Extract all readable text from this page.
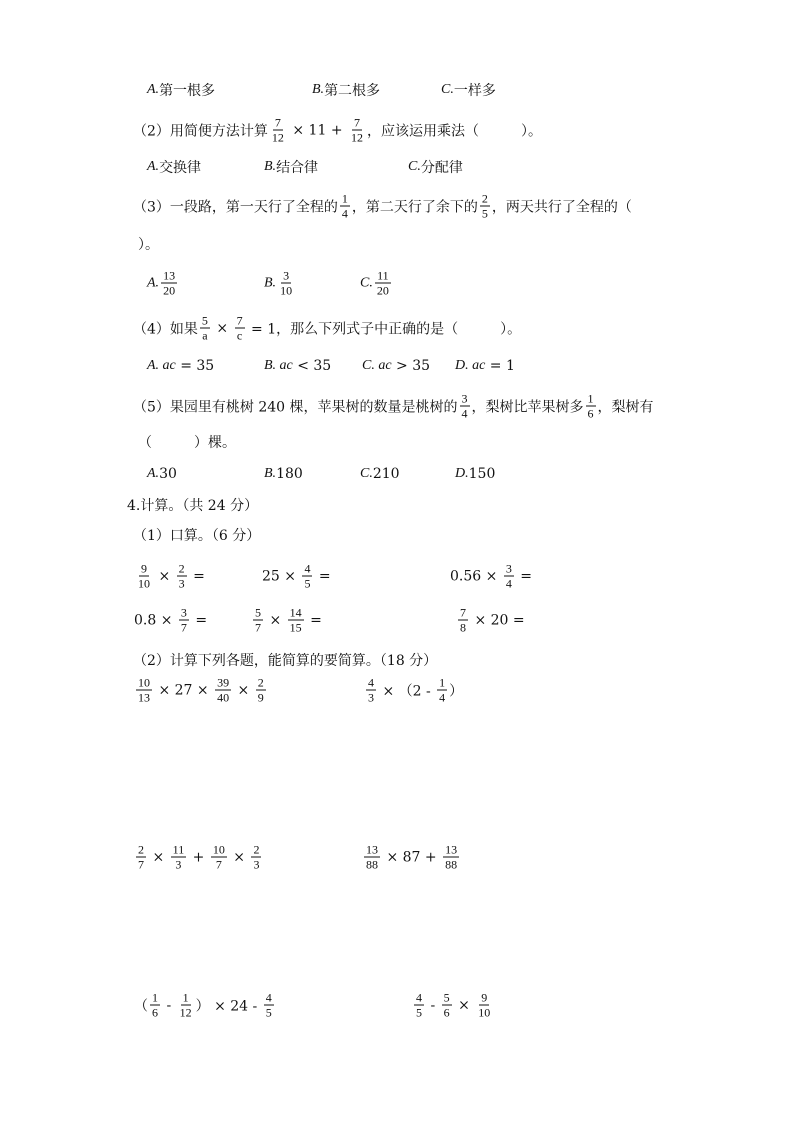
A. 第一根多	B. 第二根多	C. 一样多
（2）用简便方法计算 $\frac{7}{12} \times 11 + \frac{7}{12}$ ，应该运用乘法（　　　）。
A. 交换律	B. 结合律	C. 分配律
（3）一段路，第一天行了全程的 $\frac{1}{4}$ ，第二天行了余下的 $\frac{2}{5}$ ，两天共行了全程的（
）。
A. $\frac{13}{20}$	B. $\frac{3}{10}$	C. $\frac{11}{20}$
（4）如果 $\frac{5}{a} \times \frac{7}{c} = 1$，那么下列式子中正确的是（　　　）。
A. ac = 35	B. ac < 35 C. ac > 35 D. ac = 1
（5）果园里有桃树 240 棵，苹果树的数量是桃树的 $\frac{3}{4}$ ，梨树比苹果树多 $\frac{1}{6}$ ，梨树有
（　　　）棵。
A. 30	B. 180	C. 210	D. 150
4.计算。（共 24 分）
（1）口算。（6 分）
$\frac{9}{10} \times \frac{2}{3}$ =	$25 \times \frac{4}{5}$ =	$0.56 \times \frac{3}{4}$ =
$0.8 \times \frac{3}{7}$ =	$\frac{5}{7} \times \frac{14}{15}$ =	$\frac{7}{8} \times 20$ =
（2）计算下列各题，能简算的要简算。（18 分）
$\frac{10}{13} \times 27 \times \frac{39}{40} \times \frac{2}{9}$	$\frac{4}{3} \times (2 - \frac{1}{4}$ ）
$\frac{2}{7} \times \frac{11}{3} + \frac{10}{7} \times \frac{2}{3}$	$\frac{13}{88} \times 87 + \frac{13}{88}$
（ $\frac{1}{6} - \frac{1}{12}$ ） × $24 - \frac{4}{5}$	$\frac{4}{5} - \frac{5}{6} \times \frac{9}{10}$
